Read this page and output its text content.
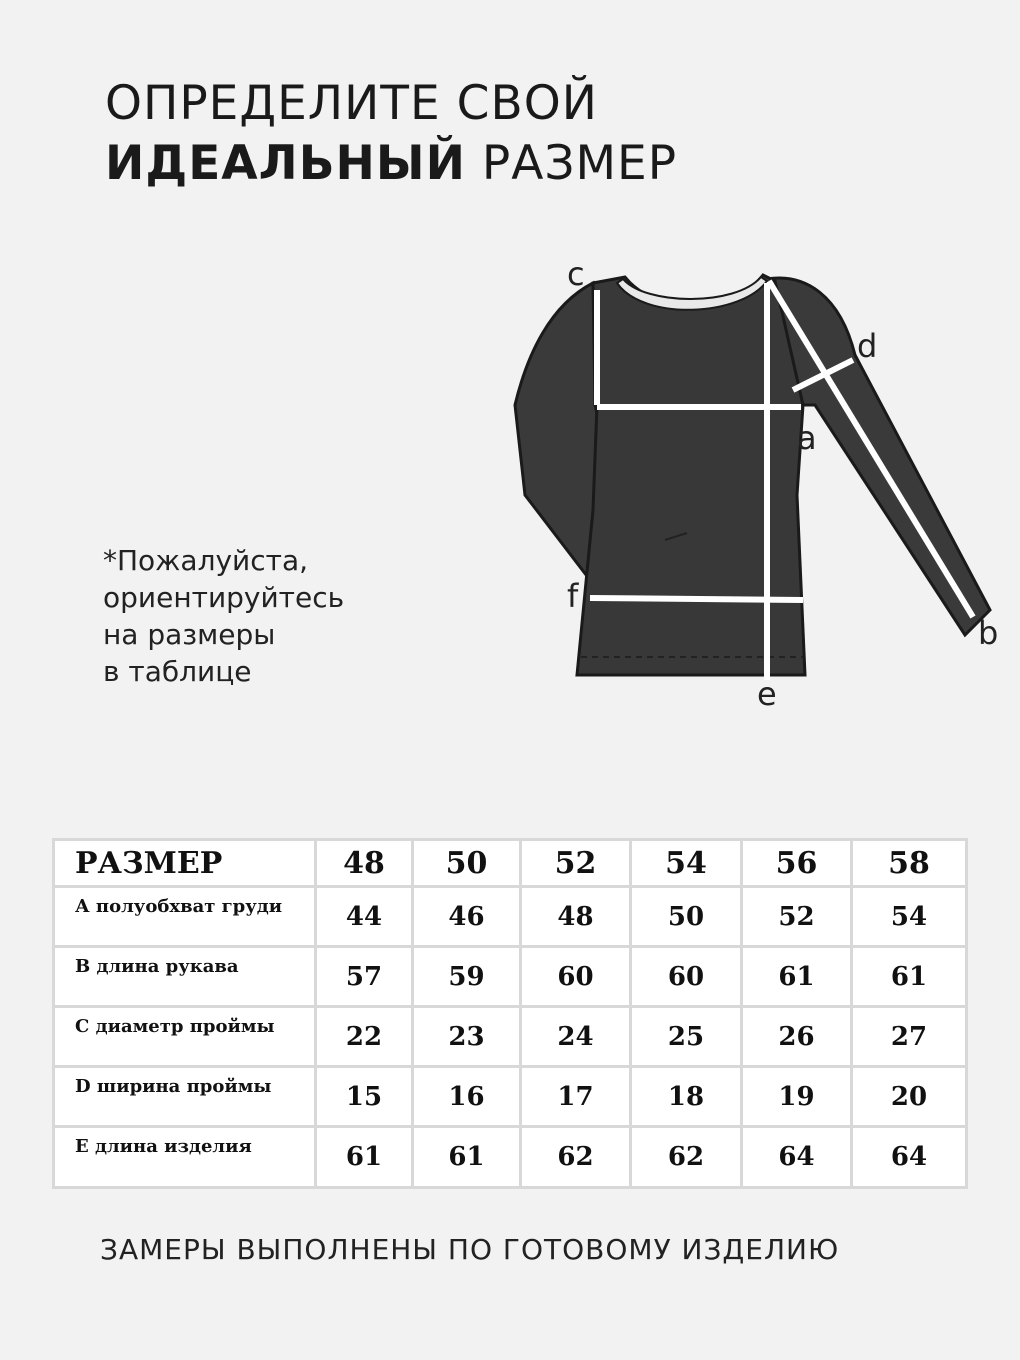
ОПРЕДЕЛИТЕ СВОЙ
ИДЕАЛЬНЫЙ РАЗМЕР
*Пожалуйста,
ориентируйтесь
на размеры
в таблице
c
d
a
f
b
e
РАЗМЕР	48	50	52	54	56	58
А полуобхват груди	44	46	48	50	52	54
B длина рукава	57	59	60	60	61	61
С диаметр проймы	22	23	24	25	26	27
D ширина проймы	15	16	17	18	19	20
Е длина изделия	61	61	62	62	64	64
ЗАМЕРЫ ВЫПОЛНЕНЫ ПО ГОТОВОМУ ИЗДЕЛИЮ
